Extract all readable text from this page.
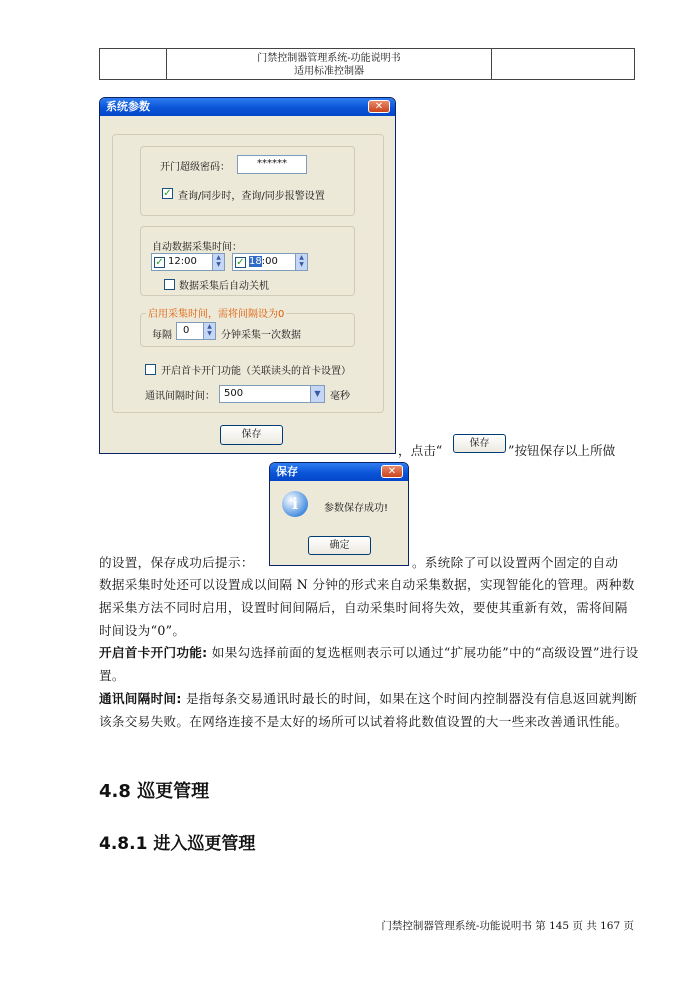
门禁控制器管理系统-功能说明书
适用标准控制器
系统参数	✕
开门超级密码：	******
✓ 查询/同步时，查询/同步报警设置
自动数据采集时间：
12:00	▲
▼
✓	18:00	▲
▼
✓
数据采集后自动关机
每隔	0	▲
▼ 分钟采集一次数据
启用采集时间，需将间隔设为0
开启首卡开门功能（关联读头的首卡设置）
通讯间隔时间： 500	▼ 毫秒
保存
，点击“	保存	”按钮保存以上所做
保存	✕
i	参数保存成功!
确定
的设置，保存成功后提示：	。系统除了可以设置两个固定的自动
数据采集时处还可以设置成以间隔 N 分钟的形式来自动采集数据，实现智能化的管理。两种数据采集方法不同时启用，设置时间间隔后，自动采集时间将失效，要使其重新有效，需将间隔时间设为“0”。
开启首卡开门功能: 如果勾选择前面的复选框则表示可以通过“扩展功能”中的“高级设置”进行设置。
通讯间隔时间: 是指每条交易通讯时最长的时间，如果在这个时间内控制器没有信息返回就判断该条交易失败。在网络连接不是太好的场所可以试着将此数值设置的大一些来改善通讯性能。
4.8 巡更管理
4.8.1 进入巡更管理
门禁控制器管理系统-功能说明书 第 145 页 共 167 页
